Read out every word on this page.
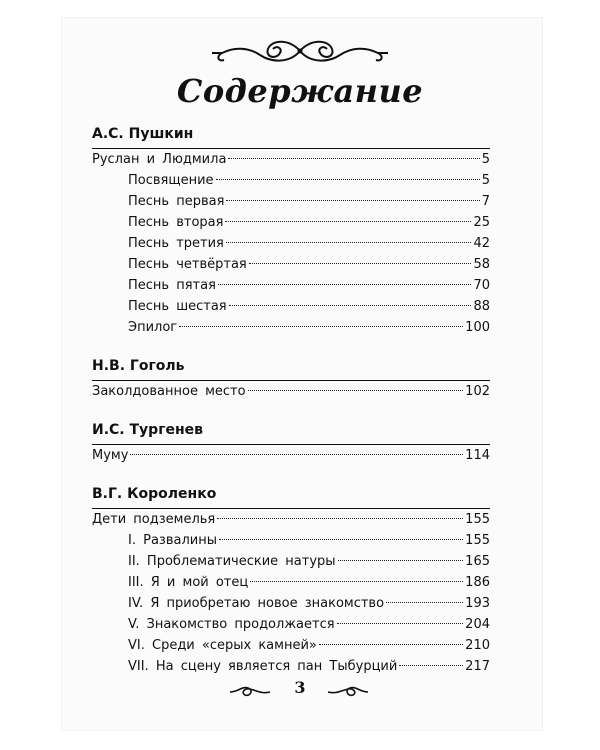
Содержание
А.С. Пушкин
Руслан и Людмила	5
Посвящение	5
Песнь первая	7
Песнь вторая	25
Песнь третия	42
Песнь четвёртая	58
Песнь пятая	70
Песнь шестая	88
Эпилог	100
Н.В. Гоголь
Заколдованное место	102
И.С. Тургенев
Муму	114
В.Г. Короленко
Дети подземелья	155
I. Развалины	155
II. Проблематические натуры	165
III. Я и мой отец	186
IV. Я приобретаю новое знакомство	193
V. Знакомство продолжается	204
VI. Среди «серых камней»	210
VII. На сцену является пан Тыбурций	217
3
